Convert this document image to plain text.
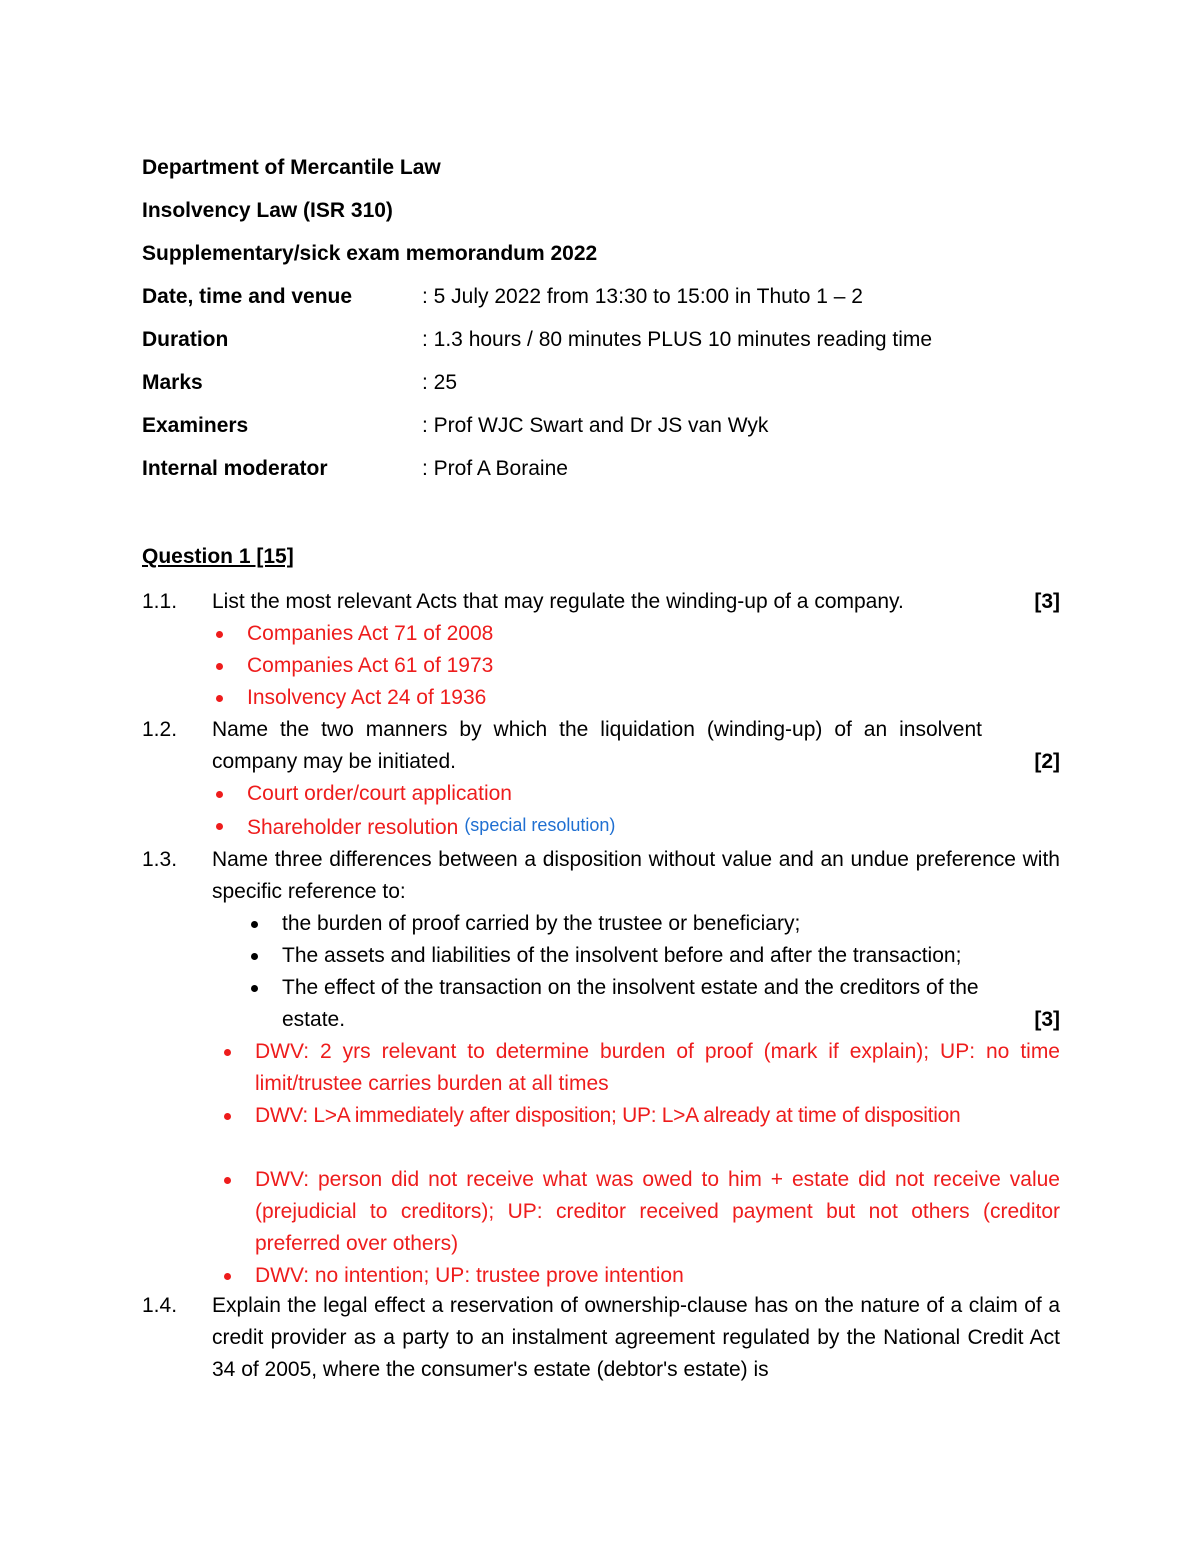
Department of Mercantile Law
Insolvency Law (ISR 310)
Supplementary/sick exam memorandum 2022
Date, time and venue	: 5 July 2022 from 13:30 to 15:00 in Thuto 1 – 2
Duration	: 1.3 hours / 80 minutes PLUS 10 minutes reading time
Marks	: 25
Examiners	: Prof WJC Swart and Dr JS van Wyk
Internal moderator	: Prof A Boraine
Question 1 [15]
1.1. List the most relevant Acts that may regulate the winding-up of a company.	[3]
Companies Act 71 of 2008
Companies Act 61 of 1973
Insolvency Act 24 of 1936
1.2. Name the two manners by which the liquidation (winding-up) of an insolvent company may be initiated.	[2]
Court order/court application
Shareholder resolution (special resolution)
1.3. Name three differences between a disposition without value and an undue preference with specific reference to:
the burden of proof carried by the trustee or beneficiary;
The assets and liabilities of the insolvent before and after the transaction;
The effect of the transaction on the insolvent estate and the creditors of the estate.	[3]
DWV: 2 yrs relevant to determine burden of proof (mark if explain); UP: no time limit/trustee carries burden at all times
DWV: L>A immediately after disposition; UP: L>A already at time of disposition
DWV: person did not receive what was owed to him + estate did not receive value (prejudicial to creditors); UP: creditor received payment but not others (creditor preferred over others)
DWV: no intention; UP: trustee prove intention
1.4. Explain the legal effect a reservation of ownership-clause has on the nature of a claim of a credit provider as a party to an instalment agreement regulated by the National Credit Act 34 of 2005, where the consumer's estate (debtor's estate) is
